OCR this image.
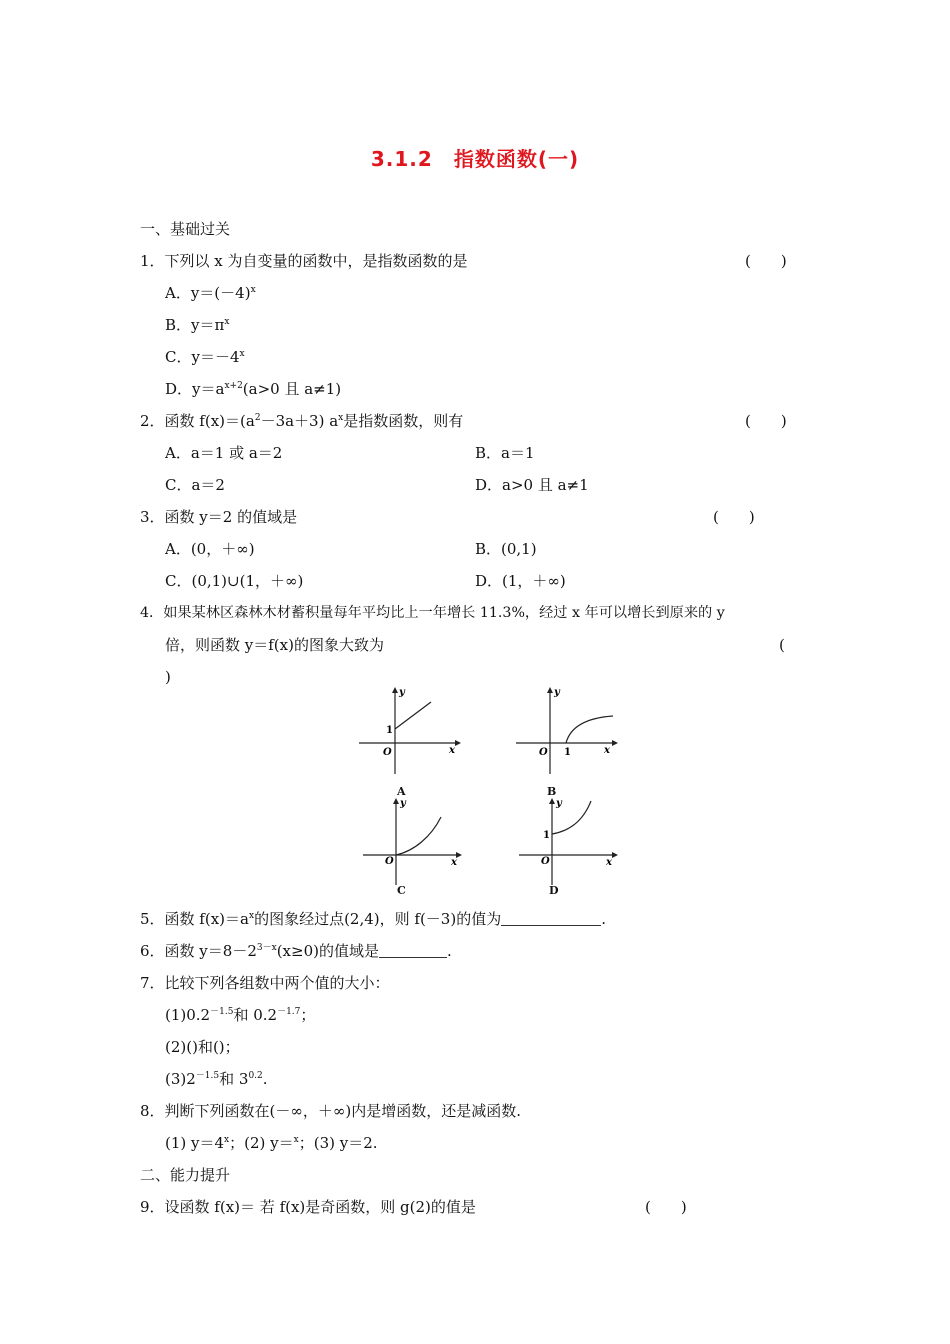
3.1.2　指数函数(一)
一、基础过关
1．下列以 x 为自变量的函数中，是指数函数的是	(　　)
A．$y=(-4)^x$
B．$y=\pi^x$
C．$y=-4^x$
D．$y=a^{x+2}(a>0$ 且 a≠1)
2．函数 $f(x)=(a^2-3a+3)$ $a^x$是指数函数，则有	(　　)
A．a＝1 或 a＝2	B．a＝1
C．a＝2	D．a>0 且 a≠1
3．函数 y＝2 的值域是	(　　)
A．(0，＋∞)	B．(0,1)
C．(0,1)∪(1，＋∞)	D．(1，＋∞)
4．如果某林区森林木材蓄积量每年平均比上一年增长 11.3%，经过 x 年可以增长到原来的 y
倍，则函数 y＝f(x)的图象大致为	(
)
y
x
O
1
A
y
x
O 1
B
y
x
O
C
y
x
O
1
D
5．函数 $f(x)=a^x$的图象经过点(2,4)，则 f(－3)的值为	.
6．函数 $y=8-2^{3-x}(x\ge 0)$的值域是	.
7．比较下列各组数中两个值的大小：
$(1)0.2^{-1.5}$和 $0.2^{-1.7}$；
(2)()和()；
$(3)2^{-1.5}$和 $3^{0.2}$.
8．判断下列函数在(－∞，＋∞)内是增函数，还是减函数.
(1) $y=4^x$；(2) y＝$^x$；(3) y＝2.
二、能力提升
9．设函数 f(x)＝ 若 f(x)是奇函数，则 g(2)的值是	(　　)
